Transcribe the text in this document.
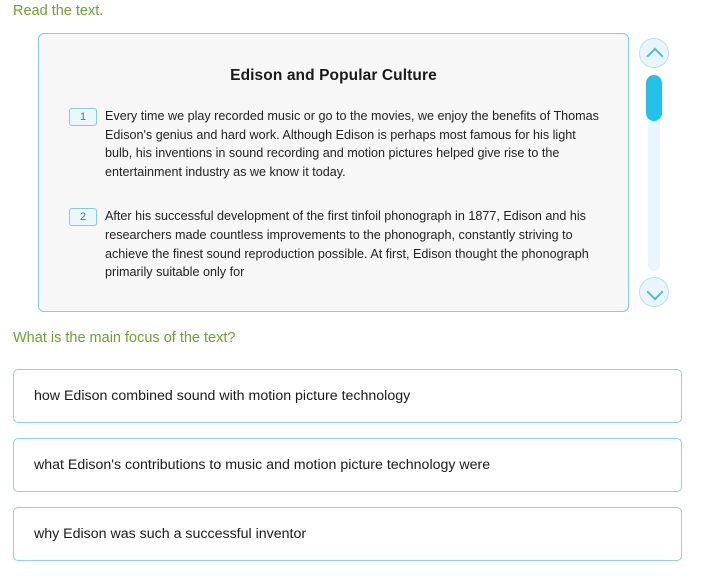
Read the text.
Edison and Popular Culture
1	Every time we play recorded music or go to the movies, we enjoy the benefits of Thomas Edison's genius and hard work. Although Edison is perhaps most famous for his light bulb, his inventions in sound recording and motion pictures helped give rise to the entertainment industry as we know it today.
2	After his successful development of the first tinfoil phonograph in 1877, Edison and his researchers made countless improvements to the phonograph, constantly striving to achieve the finest sound reproduction possible. At first, Edison thought the phonograph primarily suitable only for
What is the main focus of the text?
how Edison combined sound with motion picture technology
what Edison's contributions to music and motion picture technology were
why Edison was such a successful inventor
